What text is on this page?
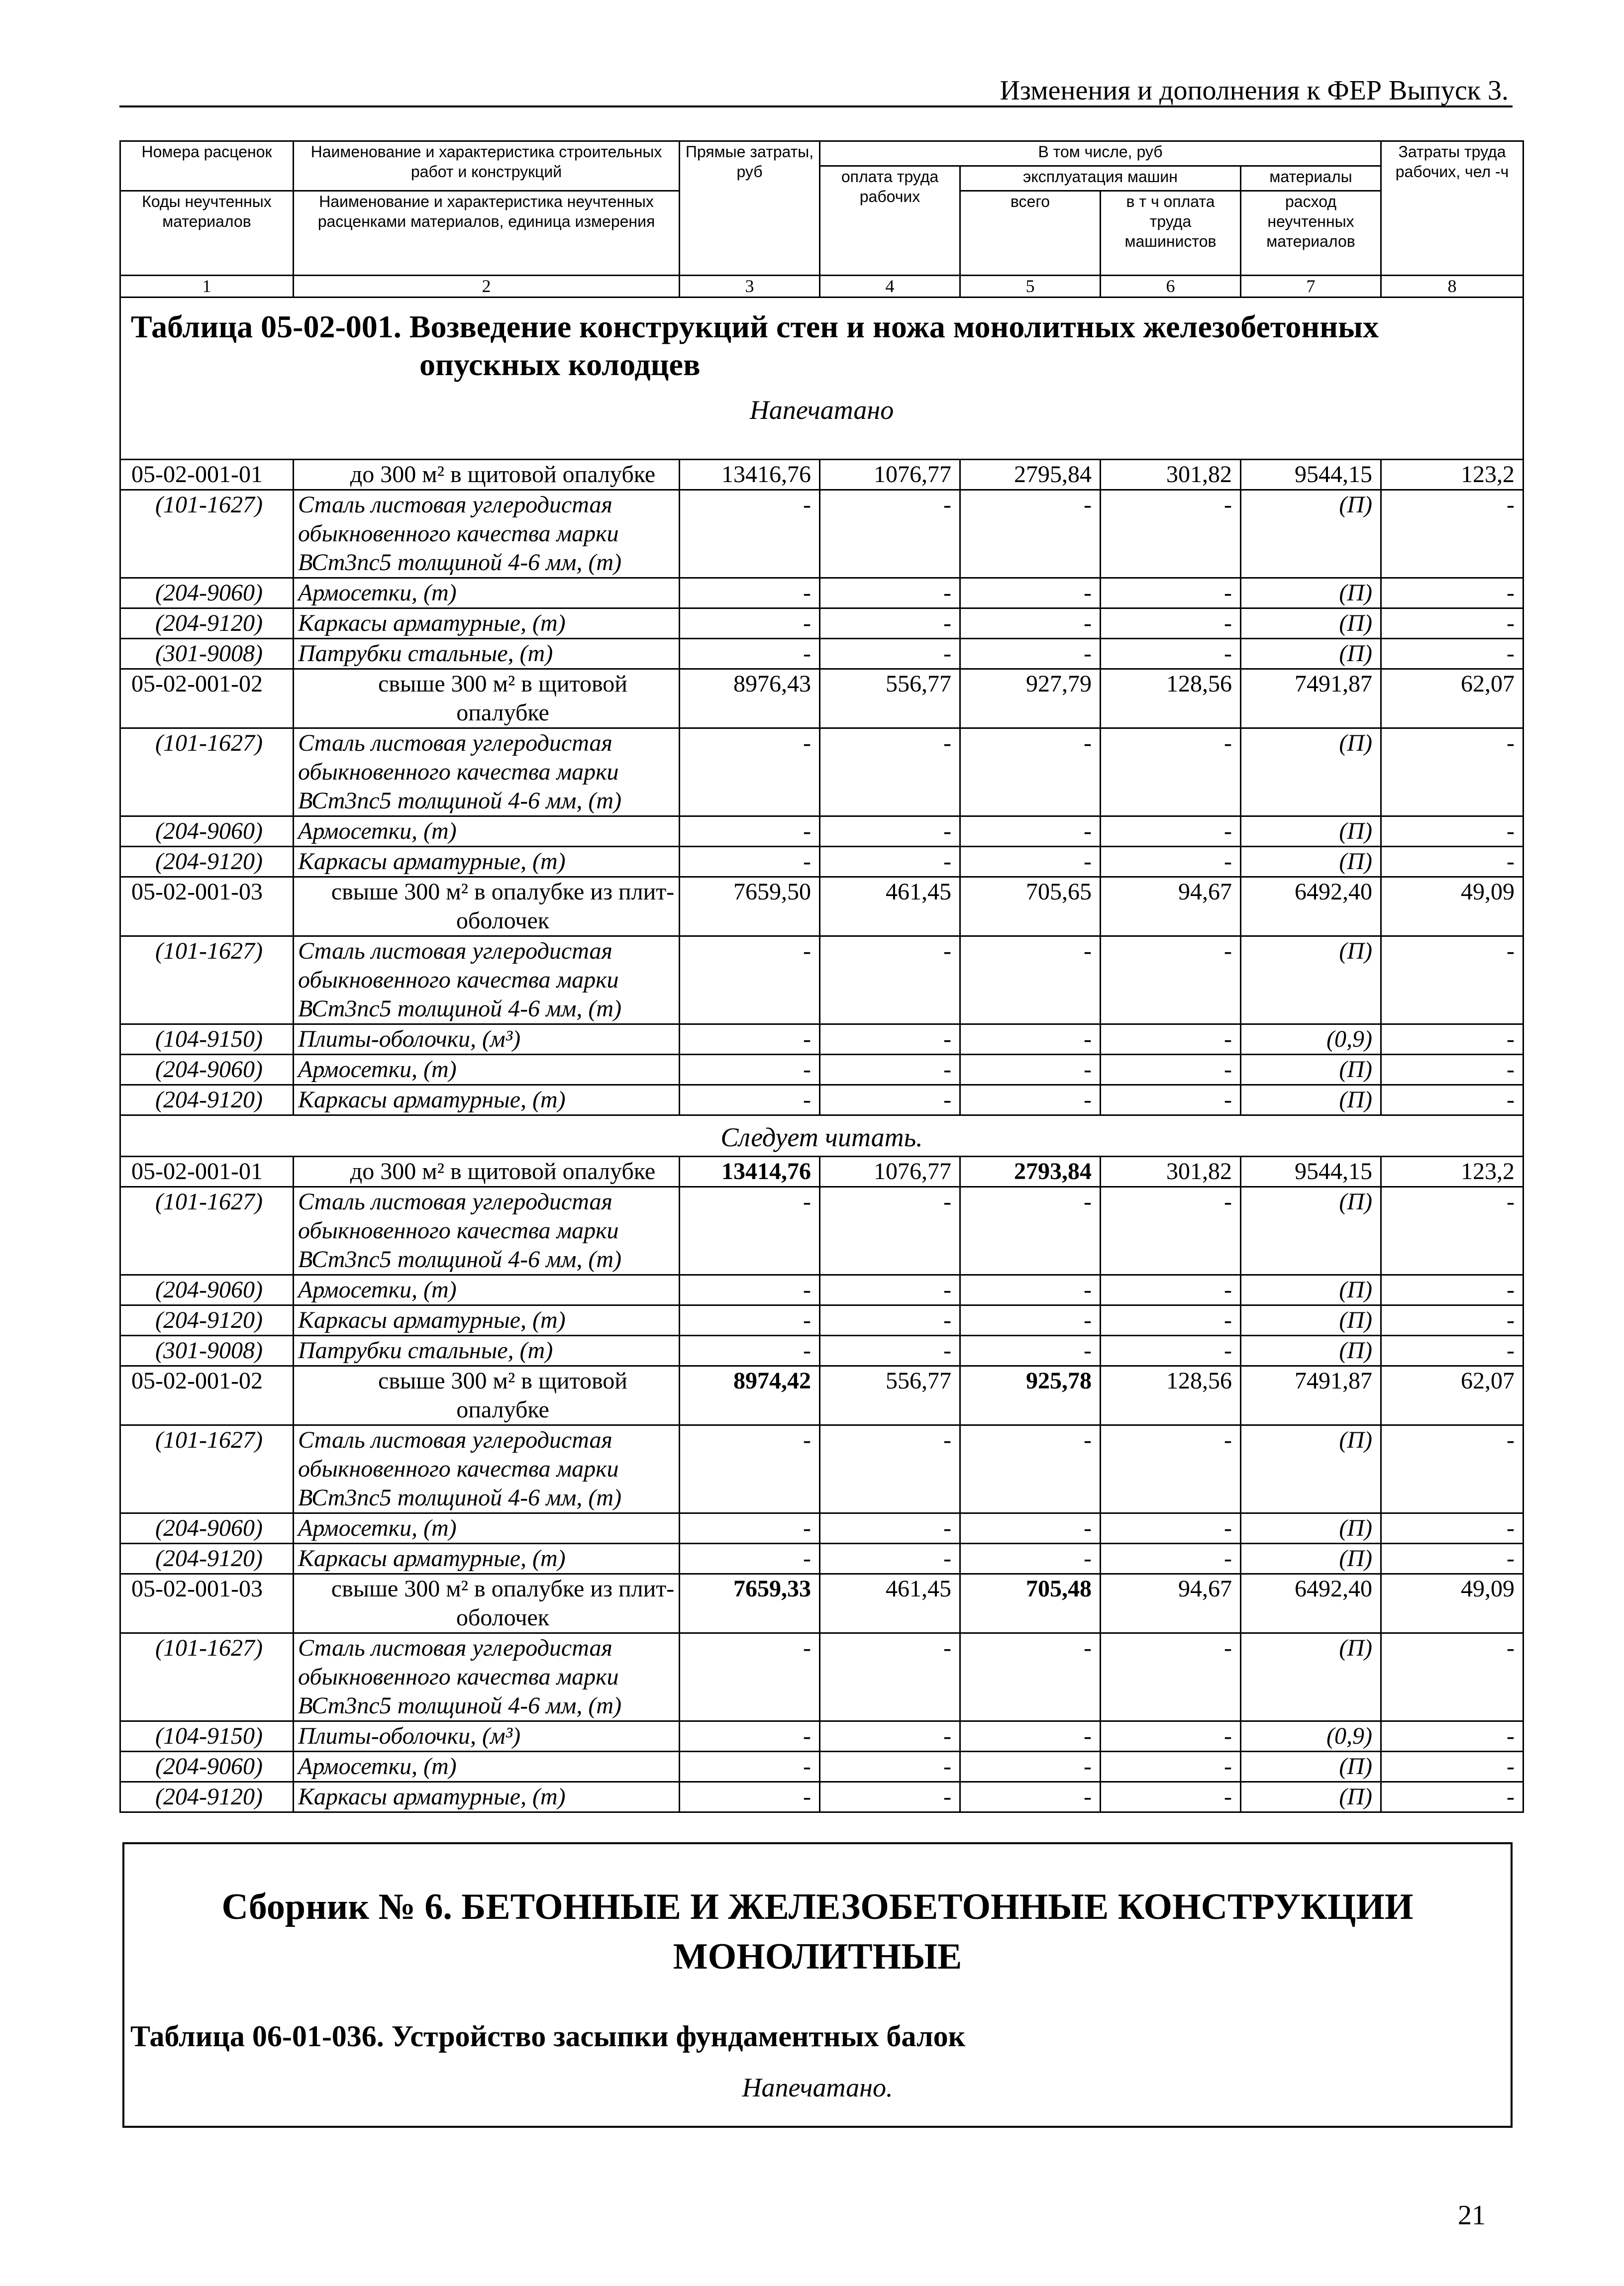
Изменения и дополнения к ФЕР Выпуск 3.
Номера расценок	Наименование и характеристика строительных работ и конструкций	Прямые затраты, руб	В том числе, руб				Затраты труда рабочих, чел -ч
			оплата труда рабочих	эксплуатация машин		материалы	
Коды неучтенных материалов	Наименование и характеристика неучтенных расценками материалов, единица измерения			всего	в т ч оплата труда машинистов	расход неучтенных материалов	

1	2	3	4	5	6	7	8

Таблица 05-02-001. Возведение конструкций стен и ножа монолитных железобетонных
опускных колодцев
Напечатано							

05-02-001-01	до 300 м² в щитовой опалубке	13416,76	1076,77	2795,84	301,82	9544,15	123,2
(101-1627)	Сталь листовая углеродистая обыкновенного качества марки ВСт3пс5 толщиной 4-6 мм, (т)	-	-	-	-	(П)	-
(204-9060)	Армосетки, (т)	-	-	-	-	(П)	-
(204-9120)	Каркасы арматурные, (т)	-	-	-	-	(П)	-
(301-9008)	Патрубки стальные, (т)	-	-	-	-	(П)	-
05-02-001-02	свыше 300 м² в щитовой опалубке	8976,43	556,77	927,79	128,56	7491,87	62,07
(101-1627)	Сталь листовая углеродистая обыкновенного качества марки ВСт3пс5 толщиной 4-6 мм, (т)	-	-	-	-	(П)	-
(204-9060)	Армосетки, (т)	-	-	-	-	(П)	-
(204-9120)	Каркасы арматурные, (т)	-	-	-	-	(П)	-
05-02-001-03	свыше 300 м² в опалубке из плит-оболочек	7659,50	461,45	705,65	94,67	6492,40	49,09
(101-1627)	Сталь листовая углеродистая обыкновенного качества марки ВСт3пс5 толщиной 4-6 мм, (т)	-	-	-	-	(П)	-
(104-9150)	Плиты-оболочки, (м³)	-	-	-	-	(0,9)	-
(204-9060)	Армосетки, (т)	-	-	-	-	(П)	-
(204-9120)	Каркасы арматурные, (т)	-	-	-	-	(П)	-

Следует читать.							

05-02-001-01	до 300 м² в щитовой опалубке	13414,76	1076,77	2793,84	301,82	9544,15	123,2
(101-1627)	Сталь листовая углеродистая обыкновенного качества марки ВСт3пс5 толщиной 4-6 мм, (т)	-	-	-	-	(П)	-
(204-9060)	Армосетки, (т)	-	-	-	-	(П)	-
(204-9120)	Каркасы арматурные, (т)	-	-	-	-	(П)	-
(301-9008)	Патрубки стальные, (т)	-	-	-	-	(П)	-
05-02-001-02	свыше 300 м² в щитовой опалубке	8974,42	556,77	925,78	128,56	7491,87	62,07
(101-1627)	Сталь листовая углеродистая обыкновенного качества марки ВСт3пс5 толщиной 4-6 мм, (т)	-	-	-	-	(П)	-
(204-9060)	Армосетки, (т)	-	-	-	-	(П)	-
(204-9120)	Каркасы арматурные, (т)	-	-	-	-	(П)	-
05-02-001-03	свыше 300 м² в опалубке из плит-оболочек	7659,33	461,45	705,48	94,67	6492,40	49,09
(101-1627)	Сталь листовая углеродистая обыкновенного качества марки ВСт3пс5 толщиной 4-6 мм, (т)	-	-	-	-	(П)	-
(104-9150)	Плиты-оболочки, (м³)	-	-	-	-	(0,9)	-
(204-9060)	Армосетки, (т)	-	-	-	-	(П)	-
(204-9120)	Каркасы арматурные, (т)	-	-	-	-	(П)	-
Сборник № 6. БЕТОННЫЕ И ЖЕЛЕЗОБЕТОННЫЕ КОНСТРУКЦИИ
МОНОЛИТНЫЕ
Таблица 06-01-036. Устройство засыпки фундаментных балок
Напечатано.
21
